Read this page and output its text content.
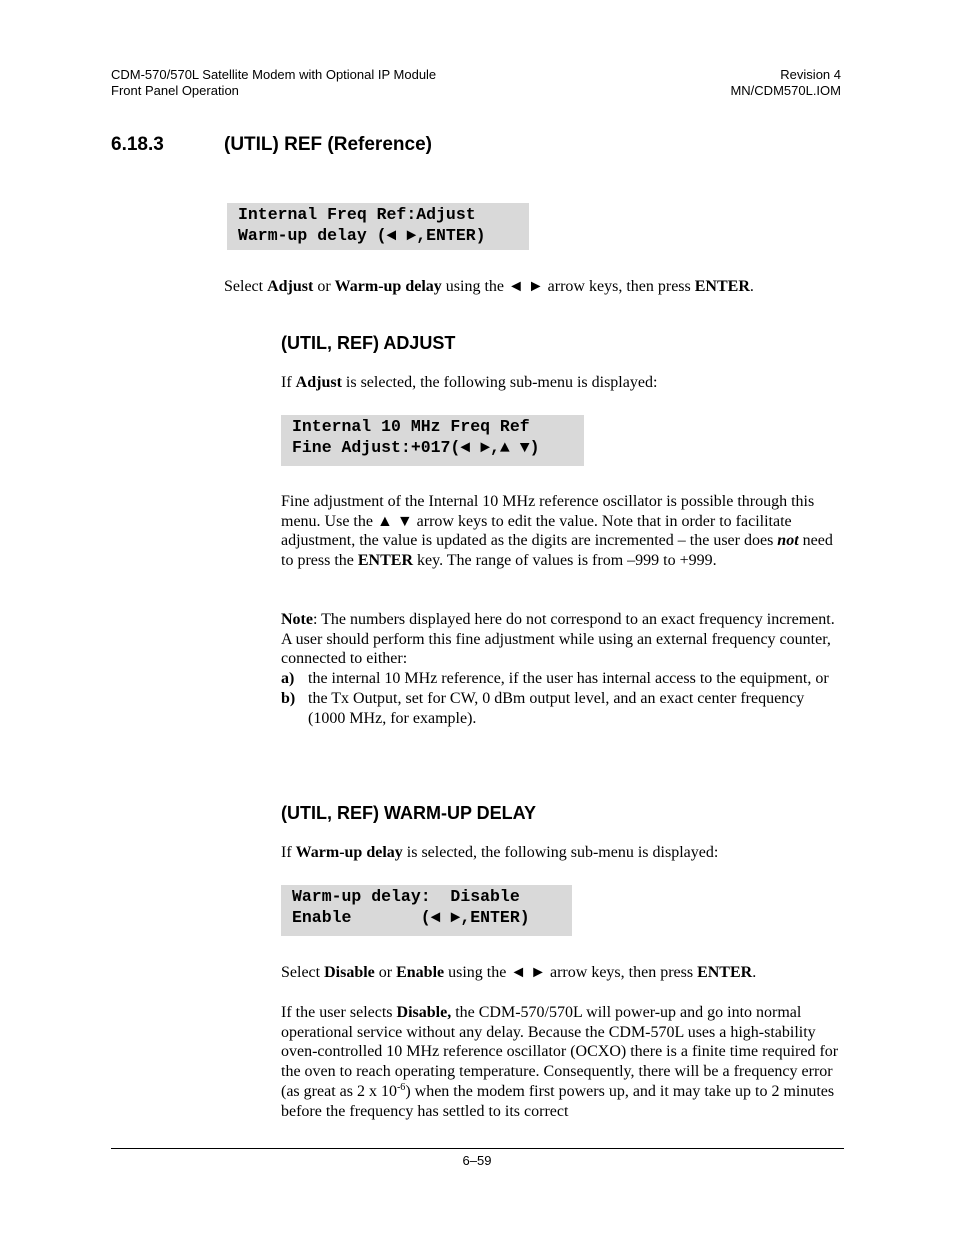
CDM-570/570L Satellite Modem with Optional IP Module
Front Panel Operation
Revision 4
MN/CDM570L.IOM
6.18.3	(UTIL) REF (Reference)
Internal Freq Ref:Adjust
Warm-up delay (◄ ►,ENTER)

Select Adjust or Warm-up delay using the ◄ ► arrow keys, then press ENTER.

(UTIL, REF) ADJUST

If Adjust is selected, the following sub-menu is displayed:

Internal 10 MHz Freq Ref
Fine Adjust:+017(◄ ►,▲ ▼)

Fine adjustment of the Internal 10 MHz reference oscillator is possible through this menu. Use the ▲ ▼ arrow keys to edit the value. Note that in order to facilitate adjustment, the value is updated as the digits are incremented – the user does not need to press the ENTER key. The range of values is from –999 to +999.

Note: The numbers displayed here do not correspond to an exact frequency increment. A user should perform this fine adjustment while using an external frequency counter, connected to either:

a) the internal 10 MHz reference, if the user has internal access to the equipment, or
b) the Tx Output, set for CW, 0 dBm output level, and an exact center frequency (1000 MHz, for example).
(UTIL, REF) WARM-UP DELAY

If Warm-up delay is selected, the following sub-menu is displayed:

Warm-up delay:  Disable
Enable       (◄ ►,ENTER)

Select Disable or Enable using the ◄ ► arrow keys, then press ENTER.

If the user selects Disable, the CDM-570/570L will power-up and go into normal operational service without any delay. Because the CDM-570L uses a high-stability oven-controlled 10 MHz reference oscillator (OCXO) there is a finite time required for the oven to reach operating temperature. Consequently, there will be a frequency error (as great as 2 x $10^{-6}$) when the modem first powers up, and it may take up to 2 minutes before the frequency has settled to its correct

6–59
